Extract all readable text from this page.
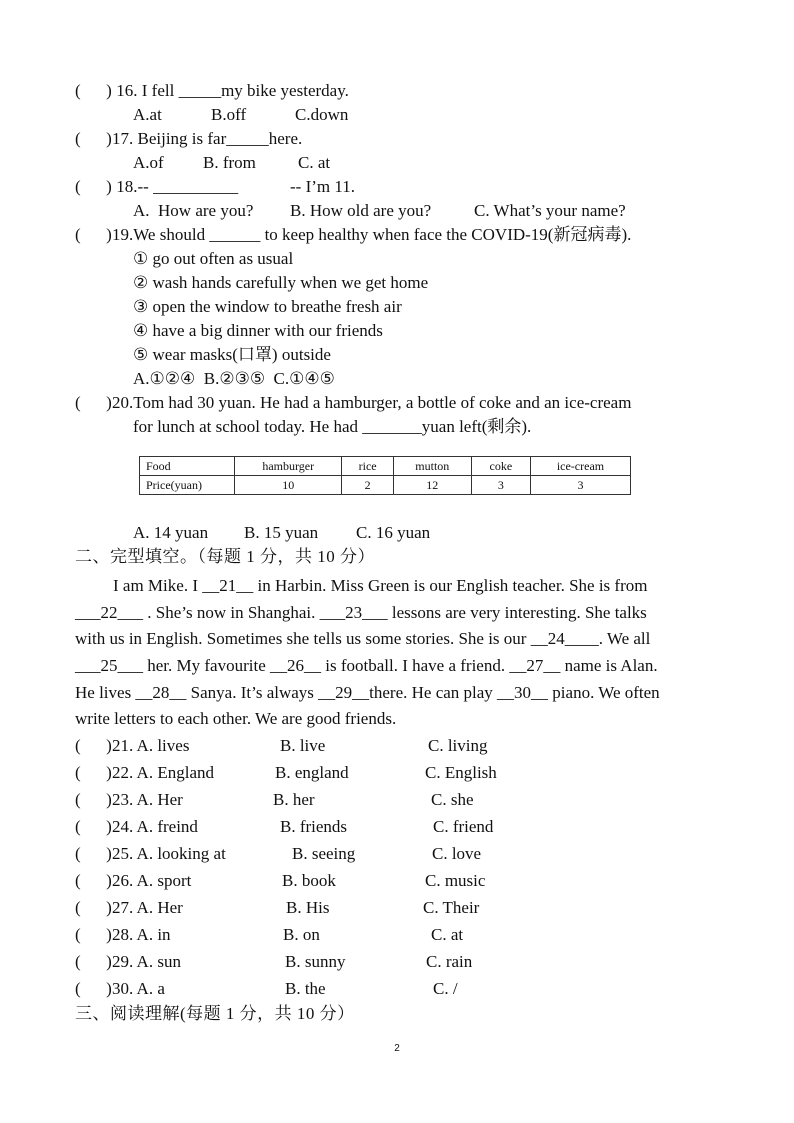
(      ) 16. I fell _____my bike yesterday.
A.at	B.off	C.down
(      ) 17. Beijing is far_____here.
A.of B. from C. at
(      ) 18.-- __________	-- I’m 11.
A.  How are you? B. How old are you?	C. What’s your name?
(      ) 19.We should ______ to keep healthy when face the COVID-19(新冠病毒).
① go out often as usual
② wash hands carefully when we get home
③ open the window to breathe fresh air
④ have a big dinner with our friends
⑤ wear masks(口罩) outside
A.①②④  B.②③⑤  C.①④⑤
(      ) 20.Tom had 30 yuan. He had a hamburger, a bottle of coke and an ice-cream
for lunch at school today. He had _______yuan left(剩余).
Food	hamburger	rice	mutton	coke	ice-cream
Price(yuan)	10	2	12	3	3
A. 14 yuan B. 15 yuan C. 16 yuan
二、完型填空。（每题 1 分，共 10 分）
I am Mike. I __21__ in Harbin. Miss Green is our English teacher. She is from
___22___ . She’s now in Shanghai. ___23___ lessons are very interesting. She talks
with us in English. Sometimes she tells us some stories. She is our __24____. We all
___25___ her. My favourite __26__ is football. I have a friend. __27__ name is Alan.
He lives __28__ Sanya. It’s always __29__there. He can play __30__ piano. We often
write letters to each other. We are good friends.
(      ) 21. A. lives	B. live	C. living
(      ) 22. A. England	B. england	C. English
(      ) 23. A. Her	B. her	C. she
(      ) 24. A. freind	B. friends	C. friend
(      ) 25. A. looking at	B. seeing	C. love
(      ) 26. A. sport	B. book	C. music
(      ) 27. A. Her	B. His	C. Their
(      ) 28. A. in	B. on	C. at
(      ) 29. A. sun	B. sunny	C. rain
(      ) 30. A. a	B. the	C. /
三、阅读理解(每题 1 分，共 10 分）
2
